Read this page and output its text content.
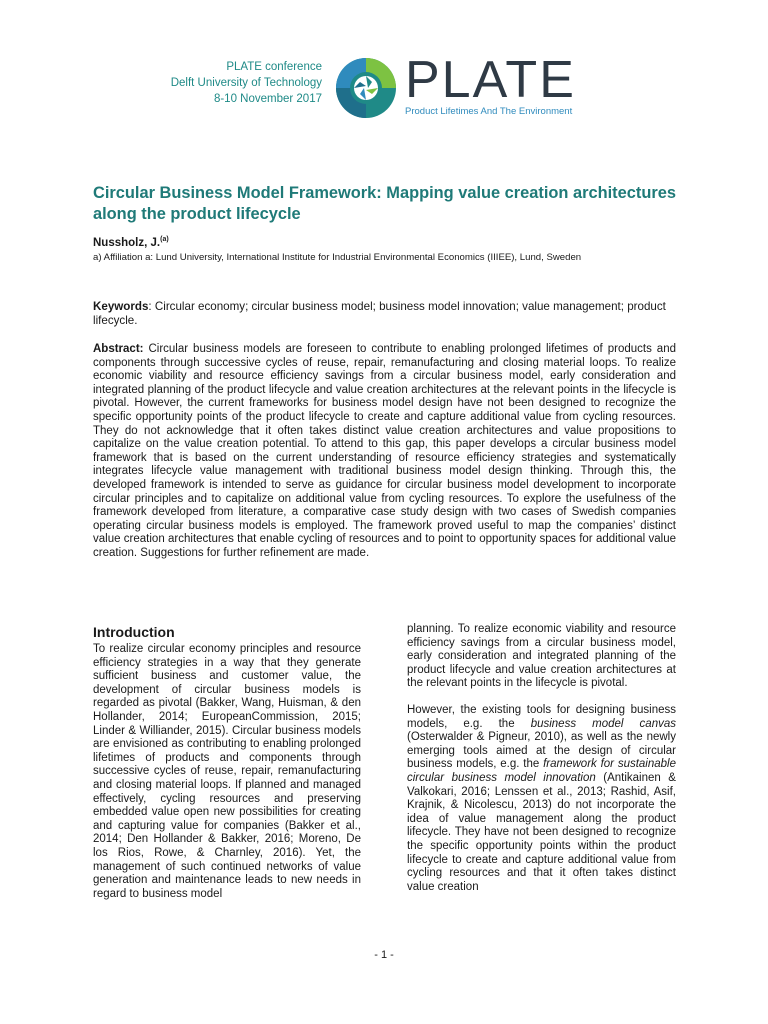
PLATE conference
Delft University of Technology
8-10 November 2017 PLATE
Product Lifetimes And The Environment
Circular Business Model Framework: Mapping value creation architectures along the product lifecycle
Nussholz, J.$^{(a)}$
a) Affiliation a: Lund University, International Institute for Industrial Environmental Economics (IIIEE), Lund, Sweden
Keywords: Circular economy; circular business model; business model innovation; value management; product lifecycle.
Abstract: Circular business models are foreseen to contribute to enabling prolonged lifetimes of products and components through successive cycles of reuse, repair, remanufacturing and closing material loops. To realize economic viability and resource efficiency savings from a circular business model, early consideration and integrated planning of the product lifecycle and value creation architectures at the relevant points in the lifecycle is pivotal. However, the current frameworks for business model design have not been designed to recognize the specific opportunity points of the product lifecycle to create and capture additional value from cycling resources. They do not acknowledge that it often takes distinct value creation architectures and value propositions to capitalize on the value creation potential. To attend to this gap, this paper develops a circular business model framework that is based on the current understanding of resource efficiency strategies and systematically integrates lifecycle value management with traditional business model design thinking. Through this, the developed framework is intended to serve as guidance for circular business model development to incorporate circular principles and to capitalize on additional value from cycling resources. To explore the usefulness of the framework developed from literature, a comparative case study design with two cases of Swedish companies operating circular business models is employed. The framework proved useful to map the companies’ distinct value creation architectures that enable cycling of resources and to point to opportunity spaces for additional value creation. Suggestions for further refinement are made.
Introduction

To realize circular economy principles and resource efficiency strategies in a way that they generate sufficient business and customer value, the development of circular business models is regarded as pivotal (Bakker, Wang, Huisman, & den Hollander, 2014; EuropeanCommission, 2015; Linder & Williander, 2015). Circular business models are envisioned as contributing to enabling prolonged lifetimes of products and components through successive cycles of reuse, repair, remanufacturing and closing material loops. If planned and managed effectively, cycling resources and preserving embedded value open new possibilities for creating and capturing value for companies (Bakker et al., 2014; Den Hollander & Bakker, 2016; Moreno, De los Rios, Rowe, & Charnley, 2016). Yet, the management of such continued networks of value generation and maintenance leads to new needs in regard to business model

planning. To realize economic viability and resource efficiency savings from a circular business model, early consideration and integrated planning of the product lifecycle and value creation architectures at the relevant points in the lifecycle is pivotal.

However, the existing tools for designing business models, e.g. the business model canvas (Osterwalder & Pigneur, 2010), as well as the newly emerging tools aimed at the design of circular business models, e.g. the framework for sustainable circular business model innovation (Antikainen & Valkokari, 2016; Lenssen et al., 2013; Rashid, Asif, Krajnik, & Nicolescu, 2013) do not incorporate the idea of value management along the product lifecycle. They have not been designed to recognize the specific opportunity points within the product lifecycle to create and capture additional value from cycling resources and that it often takes distinct value creation

- 1 -
